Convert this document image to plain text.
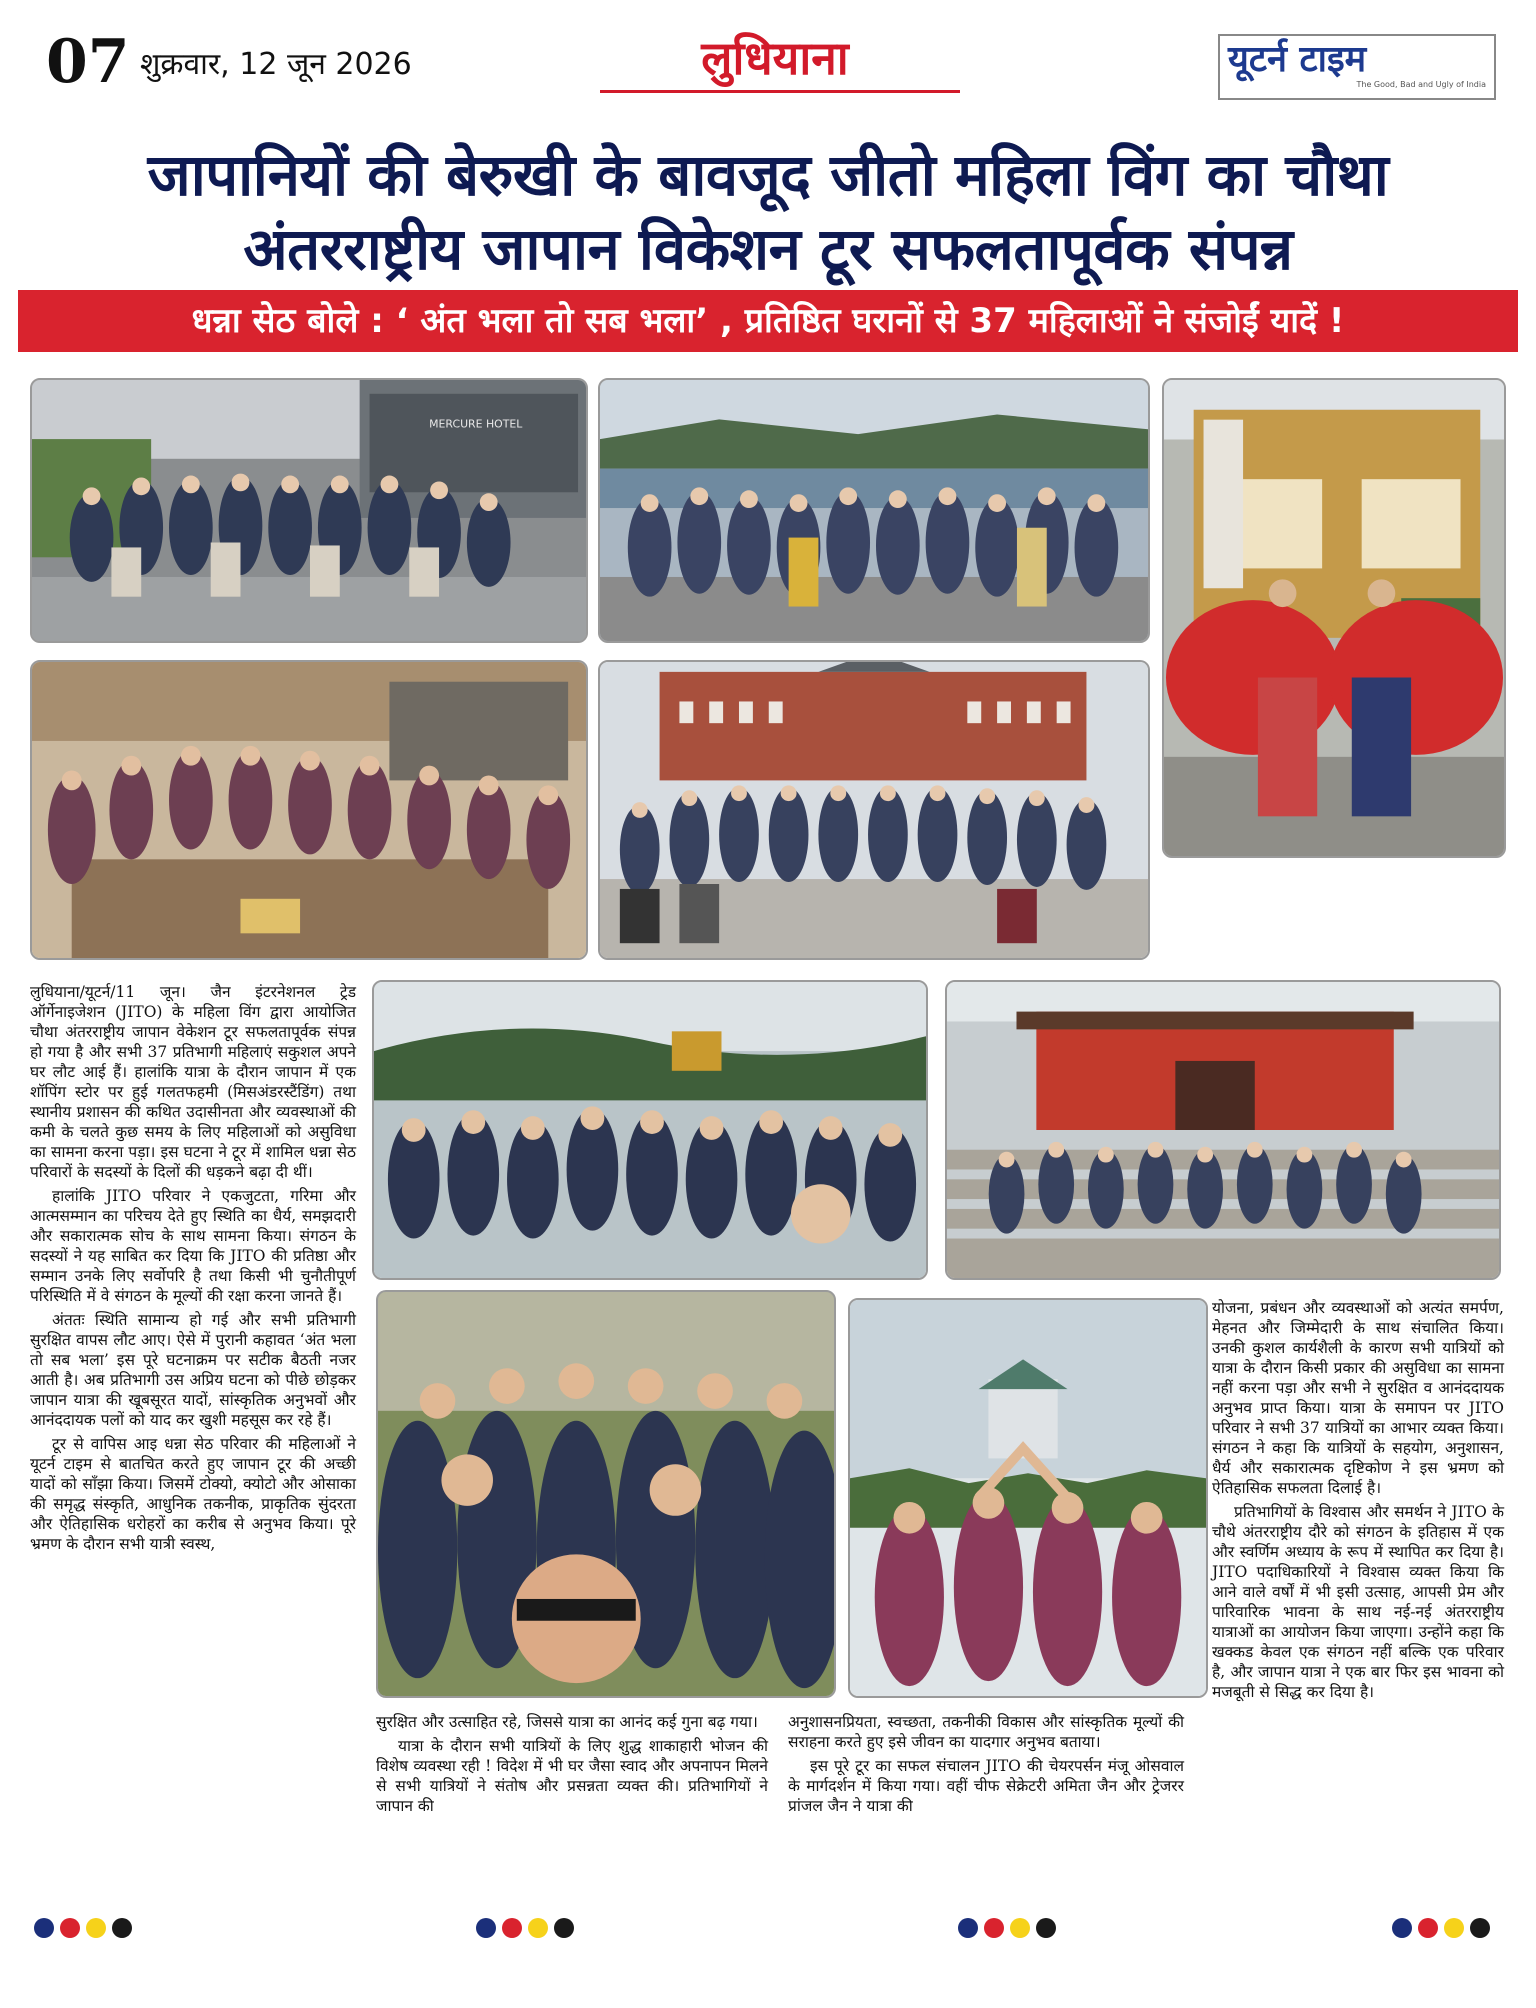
07 शुक्रवार, 12 जून 2026	लुधियाना	यूटर्न टाइम
The Good, Bad and Ugly of India
जापानियों की बेरुखी के बावजूद जीतो महिला विंग का चौथा
अंतरराष्ट्रीय जापान विकेशन टूर सफलतापूर्वक संपन्न
धन्ना सेठ बोले : ‘ अंत भला तो सब भला’ , प्रतिष्ठित घरानों से 37 महिलाओं ने संजोईं यादें !
MERCURE HOTEL

लुधियाना/यूटर्न/11 जून। जैन इंटरनेशनल ट्रेड ऑर्गेनाइजेशन (JITO) के महिला विंग द्वारा आयोजित चौथा अंतरराष्ट्रीय जापान वेकेशन टूर सफलतापूर्वक संपन्न हो गया है और सभी 37 प्रतिभागी महिलाएं सकुशल अपने घर लौट आई हैं। हालांकि यात्रा के दौरान जापान में एक शॉपिंग स्टोर पर हुई गलतफहमी (मिसअंडरस्टैंडिंग) तथा स्थानीय प्रशासन की कथित उदासीनता और व्यवस्थाओं की कमी के चलते कुछ समय के लिए महिलाओं को असुविधा का सामना करना पड़ा। इस घटना ने टूर में शामिल धन्ना सेठ परिवारों के सदस्यों के दिलों की धड़कने बढ़ा दी थीं।

हालांकि JITO परिवार ने एकजुटता, गरिमा और आत्मसम्मान का परिचय देते हुए स्थिति का धैर्य, समझदारी और सकारात्मक सोच के साथ सामना किया। संगठन के सदस्यों ने यह साबित कर दिया कि JITO की प्रतिष्ठा और सम्मान उनके लिए सर्वोपरि है तथा किसी भी चुनौतीपूर्ण परिस्थिति में वे संगठन के मूल्यों की रक्षा करना जानते हैं।

अंततः स्थिति सामान्य हो गई और सभी प्रतिभागी सुरक्षित वापस लौट आए। ऐसे में पुरानी कहावत ‘अंत भला तो सब भला’ इस पूरे घटनाक्रम पर सटीक बैठती नजर आती है। अब प्रतिभागी उस अप्रिय घटना को पीछे छोड़कर जापान यात्रा की खूबसूरत यादों, सांस्कृतिक अनुभवों और आनंददायक पलों को याद कर खुशी महसूस कर रहे हैं।

टूर से वापिस आइ धन्ना सेठ परिवार की महिलाओं ने यूटर्न टाइम से बातचित करते हुए जापान टूर की अच्छी यादों को साँझा किया। जिसमें टोक्यो, क्योटो और ओसाका की समृद्ध संस्कृति, आधुनिक तकनीक, प्राकृतिक सुंदरता और ऐतिहासिक धरोहरों का करीब से अनुभव किया। पूरे भ्रमण के दौरान सभी यात्री स्वस्थ,

सुरक्षित और उत्साहित रहे, जिससे यात्रा का आनंद कई गुना बढ़ गया।

यात्रा के दौरान सभी यात्रियों के लिए शुद्ध शाकाहारी भोजन की विशेष व्यवस्था रही ! विदेश में भी घर जैसा स्वाद और अपनापन मिलने से सभी यात्रियों ने संतोष और प्रसन्नता व्यक्त की। प्रतिभागियों ने जापान की

अनुशासनप्रियता, स्वच्छता, तकनीकी विकास और सांस्कृतिक मूल्यों की सराहना करते हुए इसे जीवन का यादगार अनुभव बताया।

इस पूरे टूर का सफल संचालन JITO की चेयरपर्सन मंजू ओसवाल के मार्गदर्शन में किया गया। वहीं चीफ सेक्रेटरी अमिता जैन और ट्रेजरर प्रांजल जैन ने यात्रा की

योजना, प्रबंधन और व्यवस्थाओं को अत्यंत समर्पण, मेहनत और जिम्मेदारी के साथ संचालित किया। उनकी कुशल कार्यशैली के कारण सभी यात्रियों को यात्रा के दौरान किसी प्रकार की असुविधा का सामना नहीं करना पड़ा और सभी ने सुरक्षित व आनंददायक अनुभव प्राप्त किया। यात्रा के समापन पर JITO परिवार ने सभी 37 यात्रियों का आभार व्यक्त किया। संगठन ने कहा कि यात्रियों के सहयोग, अनुशासन, धैर्य और सकारात्मक दृष्टिकोण ने इस भ्रमण को ऐतिहासिक सफलता दिलाई है।

प्रतिभागियों के विश्वास और समर्थन ने JITO के चौथे अंतरराष्ट्रीय दौरे को संगठन के इतिहास में एक और स्वर्णिम अध्याय के रूप में स्थापित कर दिया है। JITO पदाधिकारियों ने विश्वास व्यक्त किया कि आने वाले वर्षों में भी इसी उत्साह, आपसी प्रेम और पारिवारिक भावना के साथ नई-नई अंतरराष्ट्रीय यात्राओं का आयोजन किया जाएगा। उन्होंने कहा कि खक्कड केवल एक संगठन नहीं बल्कि एक परिवार है, और जापान यात्रा ने एक बार फिर इस भावना को मजबूती से सिद्ध कर दिया है।
